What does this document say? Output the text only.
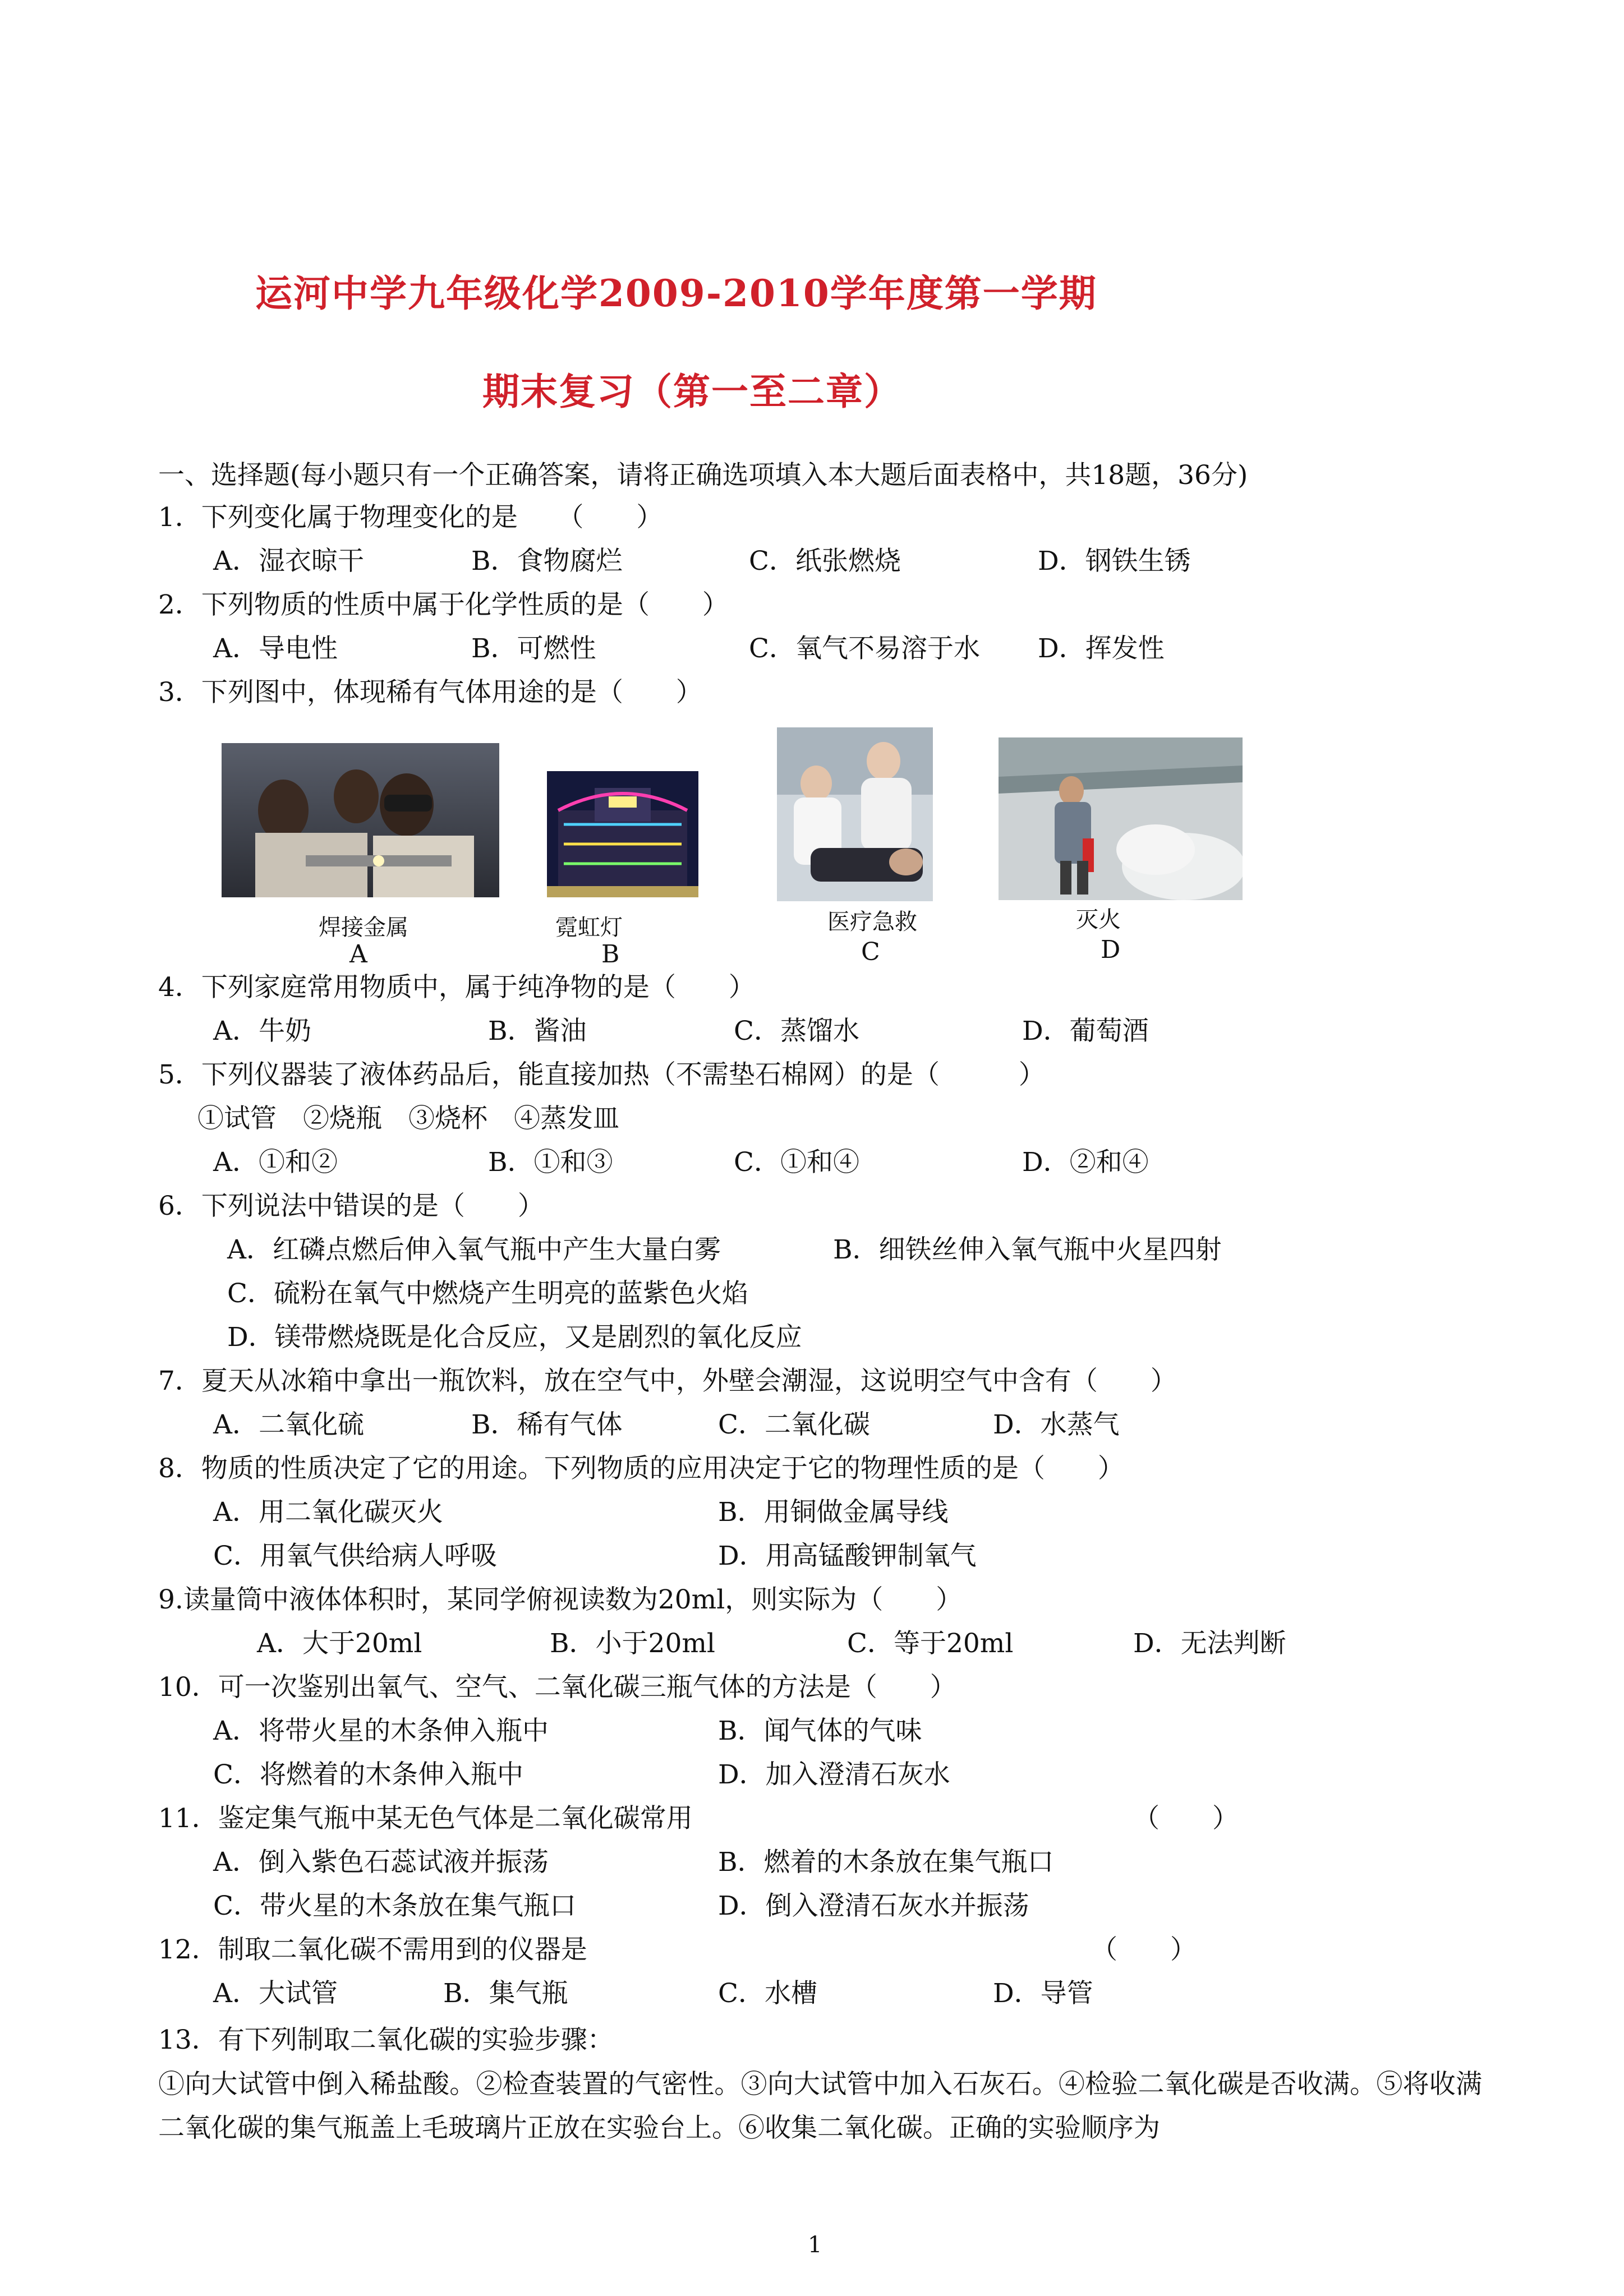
运河中学九年级化学2009-2010学年度第一学期
期末复习（第一至二章）
一、选择题(每小题只有一个正确答案，请将正确选项填入本大题后面表格中，共18题，36分)
1．下列变化属于物理变化的是　　（　　）
A．湿衣晾干	B．食物腐烂	C．纸张燃烧	D．钢铁生锈
2．下列物质的性质中属于化学性质的是（　　）
A．导电性	B．可燃性	C．氧气不易溶于水 D．挥发性
3．下列图中，体现稀有气体用途的是（　　）
焊接金属	霓虹灯	医疗急救	灭火
A	B	C	D
4．下列家庭常用物质中，属于纯净物的是（　　）
A．牛奶	B．酱油	C．蒸馏水	D．葡萄酒
5．下列仪器装了液体药品后，能直接加热（不需垫石棉网）的是（　　　）
①试管　②烧瓶　③烧杯　④蒸发皿
A．①和②	B．①和③	C．①和④	D．②和④
6．下列说法中错误的是（　　）
A．红磷点燃后伸入氧气瓶中产生大量白雾	B．细铁丝伸入氧气瓶中火星四射
C．硫粉在氧气中燃烧产生明亮的蓝紫色火焰
D．镁带燃烧既是化合反应，又是剧烈的氧化反应
7．夏天从冰箱中拿出一瓶饮料，放在空气中，外壁会潮湿，这说明空气中含有（　　）
A．二氧化硫	B．稀有气体	C．二氧化碳	D．水蒸气
8．物质的性质决定了它的用途。下列物质的应用决定于它的物理性质的是（　　）
A．用二氧化碳灭火	B．用铜做金属导线
C．用氧气供给病人呼吸	D．用高锰酸钾制氧气
9.读量筒中液体体积时，某同学俯视读数为20ml，则实际为（　　）
A．大于20ml	B．小于20ml	C．等于20ml	D．无法判断
10．可一次鉴别出氧气、空气、二氧化碳三瓶气体的方法是（　　）
A．将带火星的木条伸入瓶中	B．闻气体的气味
C．将燃着的木条伸入瓶中	D．加入澄清石灰水
11．鉴定集气瓶中某无色气体是二氧化碳常用	（　　）
A．倒入紫色石蕊试液并振荡	B．燃着的木条放在集气瓶口
C．带火星的木条放在集气瓶口	D．倒入澄清石灰水并振荡
12．制取二氧化碳不需用到的仪器是	（　　）
A．大试管	B．集气瓶	C．水槽	D．导管
13．有下列制取二氧化碳的实验步骤：
①向大试管中倒入稀盐酸。②检查装置的气密性。③向大试管中加入石灰石。④检验二氧化碳是否收满。⑤将收满二氧化碳的集气瓶盖上毛玻璃片正放在实验台上。⑥收集二氧化碳。正确的实验顺序为
1
